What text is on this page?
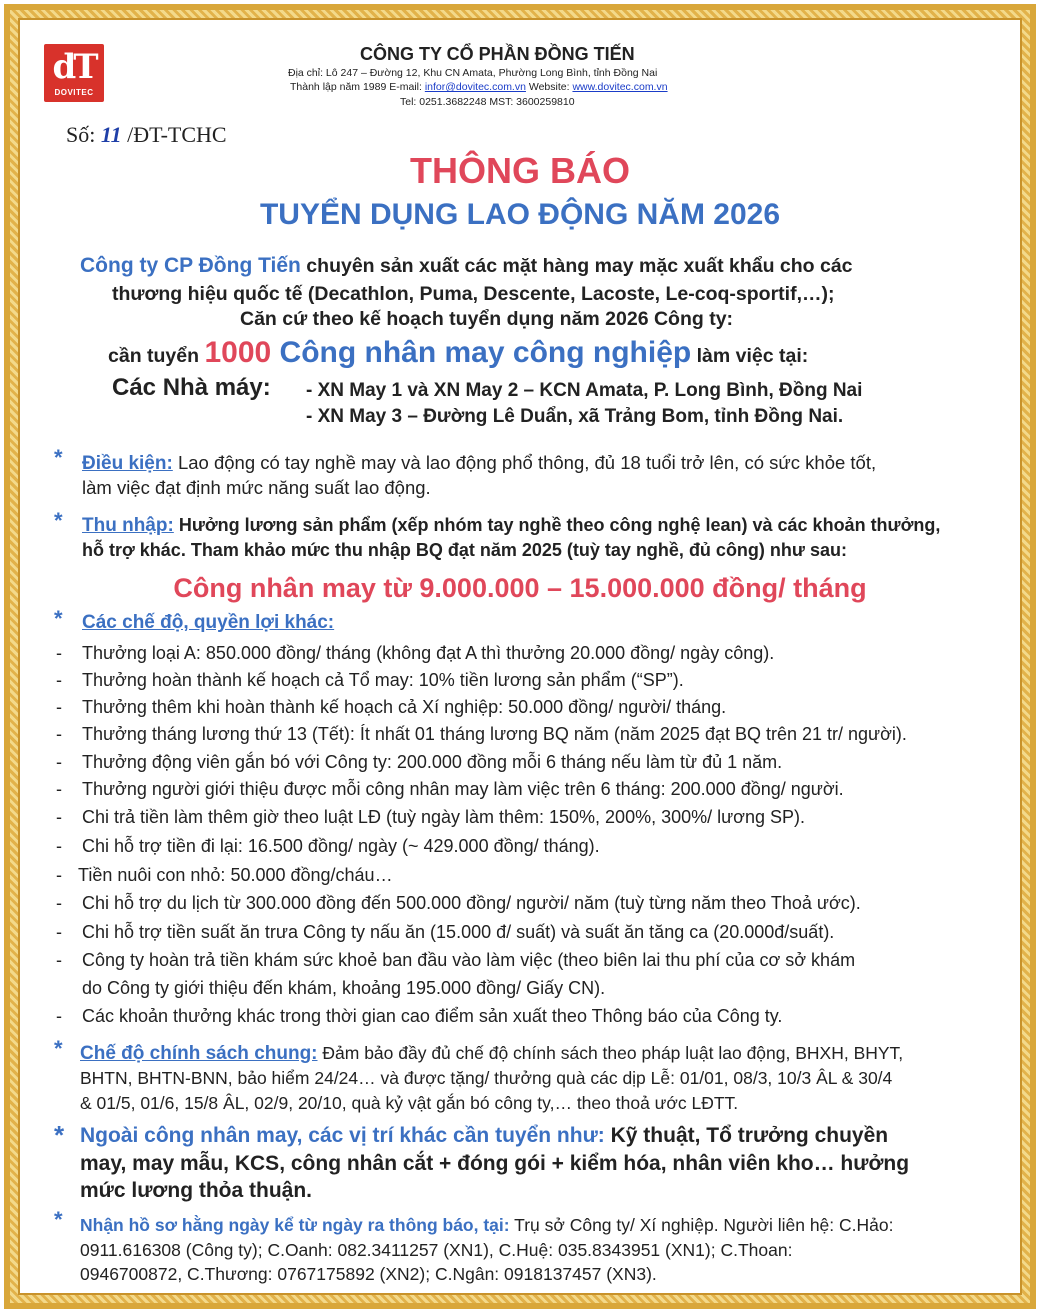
dT
DOVITEC
CÔNG TY CỔ PHẦN ĐỒNG TIẾN
Địa chỉ: Lô 247 – Đường 12, Khu CN Amata, Phường Long Bình, tỉnh Đồng Nai
Thành lập năm 1989 E-mail: infor@dovitec.com.vn Website: www.dovitec.com.vn
Tel: 0251.3682248 MST: 3600259810
Số: 11 /ĐT-TCHC
THÔNG BÁO
TUYỂN DỤNG LAO ĐỘNG NĂM 2026
Công ty CP Đồng Tiến chuyên sản xuất các mặt hàng may mặc xuất khẩu cho các
thương hiệu quốc tế (Decathlon, Puma, Descente, Lacoste, Le-coq-sportif,…);
Căn cứ theo kế hoạch tuyển dụng năm 2026 Công ty:
cần tuyển 1000 Công nhân may công nghiệp làm việc tại:
Các Nhà máy: - XN May 1 và XN May 2 – KCN Amata, P. Long Bình, Đồng Nai
- XN May 3 – Đường Lê Duẩn, xã Trảng Bom, tỉnh Đồng Nai.
* Điều kiện: Lao động có tay nghề may và lao động phổ thông, đủ 18 tuổi trở lên, có sức khỏe tốt,
làm việc đạt định mức năng suất lao động.
* Thu nhập: Hưởng lương sản phẩm (xếp nhóm tay nghề theo công nghệ lean) và các khoản thưởng,
hỗ trợ khác. Tham khảo mức thu nhập BQ đạt năm 2025 (tuỳ tay nghề, đủ công) như sau:
Công nhân may từ 9.000.000 – 15.000.000 đồng/ tháng
* Các chế độ, quyền lợi khác:
- Thưởng loại A: 850.000 đồng/ tháng (không đạt A thì thưởng 20.000 đồng/ ngày công).
- Thưởng hoàn thành kế hoạch cả Tổ may: 10% tiền lương sản phẩm (“SP”).
- Thưởng thêm khi hoàn thành kế hoạch cả Xí nghiệp: 50.000 đồng/ người/ tháng.
- Thưởng tháng lương thứ 13 (Tết): Ít nhất 01 tháng lương BQ năm (năm 2025 đạt BQ trên 21 tr/ người).
- Thưởng động viên gắn bó với Công ty: 200.000 đồng mỗi 6 tháng nếu làm từ đủ 1 năm.
- Thưởng người giới thiệu được mỗi công nhân may làm việc trên 6 tháng: 200.000 đồng/ người.
- Chi trả tiền làm thêm giờ theo luật LĐ (tuỳ ngày làm thêm: 150%, 200%, 300%/ lương SP).
- Chi hỗ trợ tiền đi lại: 16.500 đồng/ ngày (~ 429.000 đồng/ tháng).
- Tiền nuôi con nhỏ: 50.000 đồng/cháu…
- Chi hỗ trợ du lịch từ 300.000 đồng đến 500.000 đồng/ người/ năm (tuỳ từng năm theo Thoả ước).
- Chi hỗ trợ tiền suất ăn trưa Công ty nấu ăn (15.000 đ/ suất) và suất ăn tăng ca (20.000đ/suất).
- Công ty hoàn trả tiền khám sức khoẻ ban đầu vào làm việc (theo biên lai thu phí của cơ sở khám
- Các khoản thưởng khác trong thời gian cao điểm sản xuất theo Thông báo của Công ty.
do Công ty giới thiệu đến khám, khoảng 195.000 đồng/ Giấy CN).
* Chế độ chính sách chung: Đảm bảo đầy đủ chế độ chính sách theo pháp luật lao động, BHXH, BHYT,
BHTN, BHTN-BNN, bảo hiểm 24/24… và được tặng/ thưởng quà các dịp Lễ: 01/01, 08/3, 10/3 ÂL & 30/4
& 01/5, 01/6, 15/8 ÂL, 02/9, 20/10, quà kỷ vật gắn bó công ty,… theo thoả ước LĐTT.
* Ngoài công nhân may, các vị trí khác cần tuyển như: Kỹ thuật, Tổ trưởng chuyền
may, may mẫu, KCS, công nhân cắt + đóng gói + kiểm hóa, nhân viên kho… hưởng
mức lương thỏa thuận.
* Nhận hồ sơ hằng ngày kể từ ngày ra thông báo, tại: Trụ sở Công ty/ Xí nghiệp. Người liên hệ: C.Hảo:
0911.616308 (Công ty); C.Oanh: 082.3411257 (XN1), C.Huệ: 035.8343951 (XN1); C.Thoan:
0946700872, C.Thương: 0767175892 (XN2); C.Ngân: 0918137457 (XN3).
